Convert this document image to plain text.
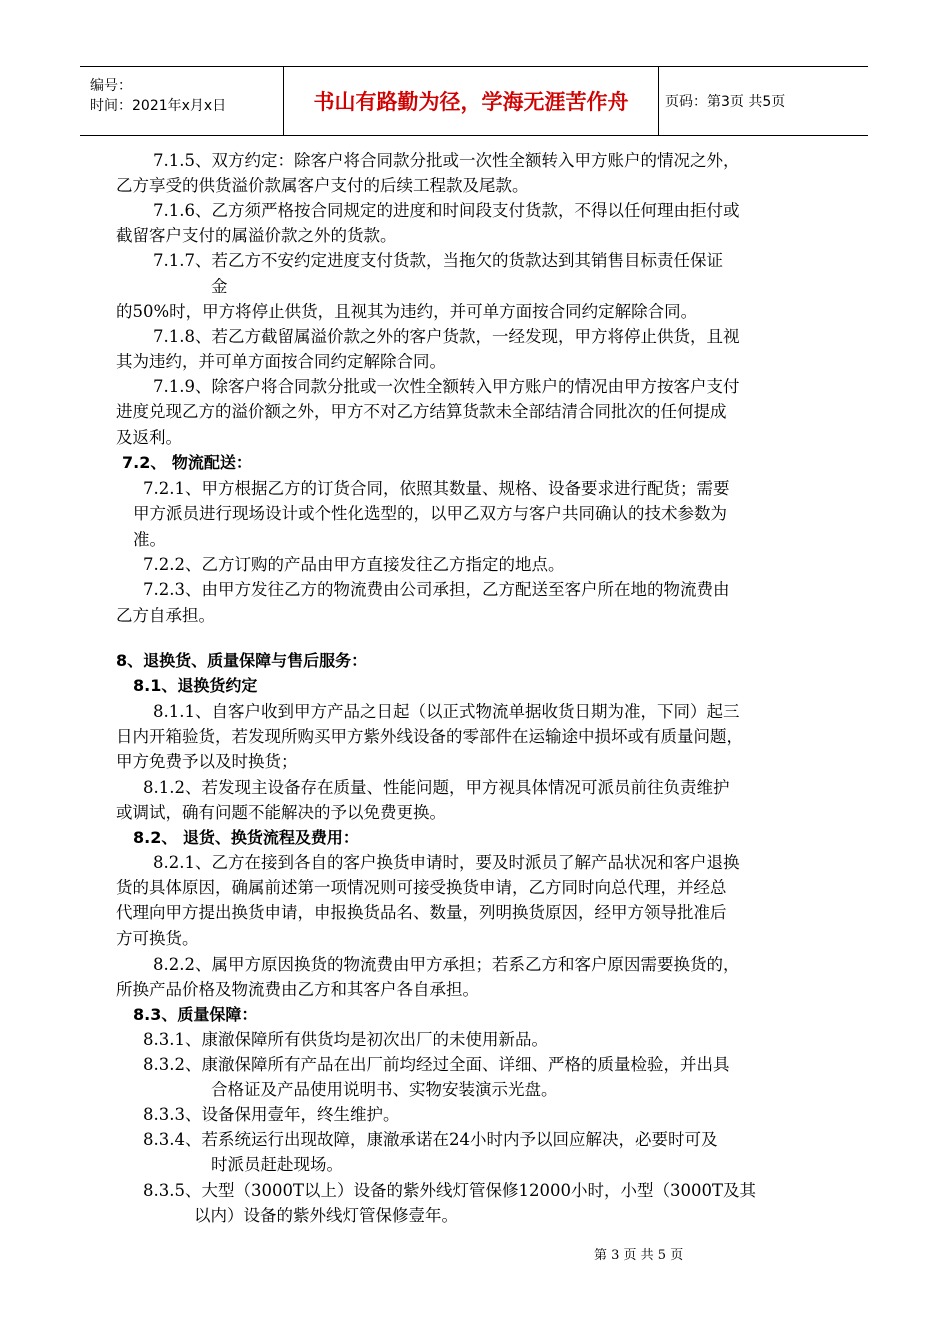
编号：
时间：2021年x月x日	书山有路勤为径，学海无涯苦作舟	页码：第3页 共5页
7.1.5、双方约定：除客户将合同款分批或一次性全额转入甲方账户的情况之外，
乙方享受的供货溢价款属客户支付的后续工程款及尾款。
7.1.6、乙方须严格按合同规定的进度和时间段支付货款，不得以任何理由拒付或
截留客户支付的属溢价款之外的货款。
7.1.7、若乙方不安约定进度支付货款，当拖欠的货款达到其销售目标责任保证
金
的50%时，甲方将停止供货，且视其为违约，并可单方面按合同约定解除合同。
7.1.8、若乙方截留属溢价款之外的客户货款，一经发现，甲方将停止供货，且视
其为违约，并可单方面按合同约定解除合同。
7.1.9、除客户将合同款分批或一次性全额转入甲方账户的情况由甲方按客户支付
进度兑现乙方的溢价额之外，甲方不对乙方结算货款未全部结清合同批次的任何提成
及返利。
7.2、 物流配送：
7.2.1、甲方根据乙方的订货合同，依照其数量、规格、设备要求进行配货；需要
甲方派员进行现场设计或个性化选型的，以甲乙双方与客户共同确认的技术参数为
准。
7.2.2、乙方订购的产品由甲方直接发往乙方指定的地点。
7.2.3、由甲方发往乙方的物流费由公司承担，乙方配送至客户所在地的物流费由
乙方自承担。
8、退换货、质量保障与售后服务：
8.1、退换货约定
8.1.1、自客户收到甲方产品之日起（以正式物流单据收货日期为准，下同）起三
日内开箱验货，若发现所购买甲方紫外线设备的零部件在运输途中损坏或有质量问题，
甲方免费予以及时换货；
8.1.2、若发现主设备存在质量、性能问题，甲方视具体情况可派员前往负责维护
或调试，确有问题不能解决的予以免费更换。
8.2、 退货、换货流程及费用：
8.2.1、乙方在接到各自的客户换货申请时，要及时派员了解产品状况和客户退换
货的具体原因，确属前述第一项情况则可接受换货申请，乙方同时向总代理，并经总
代理向甲方提出换货申请，申报换货品名、数量，列明换货原因，经甲方领导批准后
方可换货。
8.2.2、属甲方原因换货的物流费由甲方承担；若系乙方和客户原因需要换货的，
所换产品价格及物流费由乙方和其客户各自承担。
8.3、质量保障：
8.3.1、康澈保障所有供货均是初次出厂的未使用新品。
8.3.2、康澈保障所有产品在出厂前均经过全面、详细、严格的质量检验，并出具
合格证及产品使用说明书、实物安装演示光盘。
8.3.3、设备保用壹年，终生维护。
8.3.4、若系统运行出现故障，康澈承诺在24小时内予以回应解决，必要时可及
时派员赶赴现场。
8.3.5、大型（3000T以上）设备的紫外线灯管保修12000小时，小型（3000T及其
以内）设备的紫外线灯管保修壹年。
第 3 页 共 5 页
